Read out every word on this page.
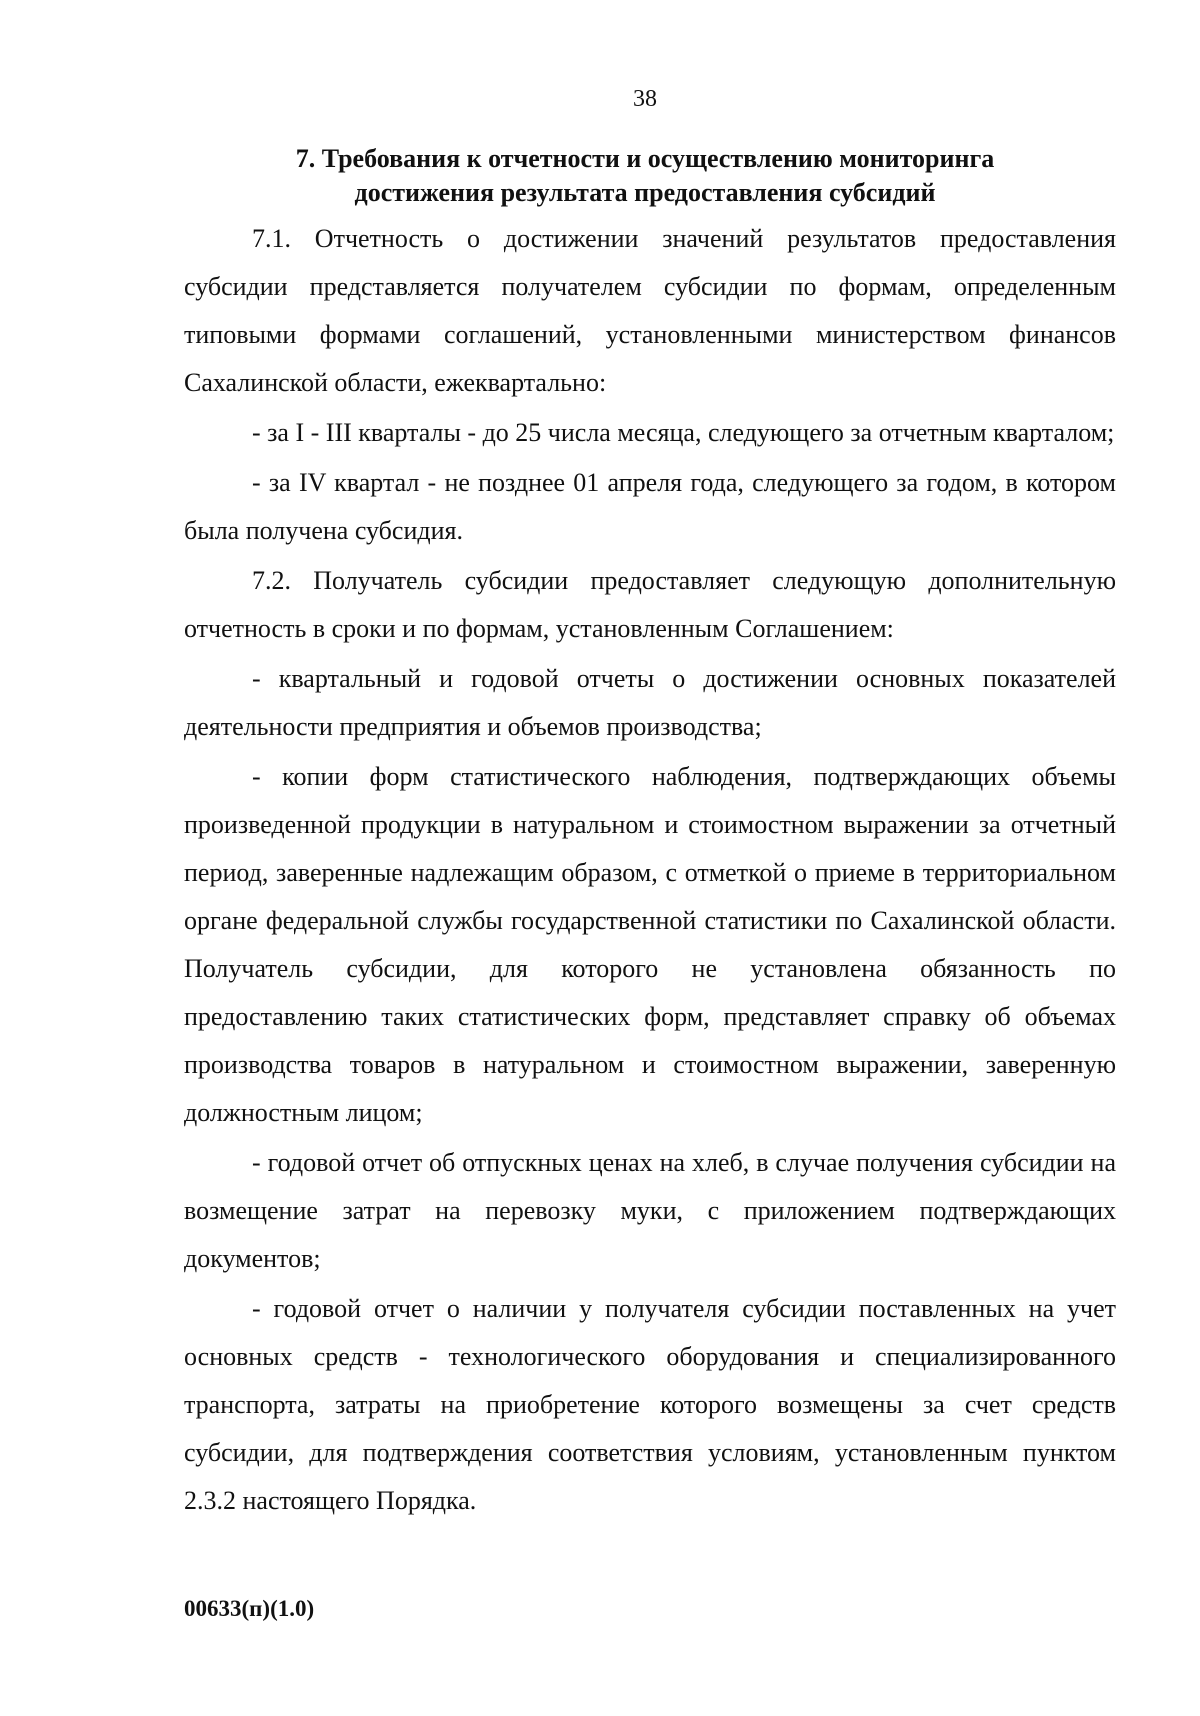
38
7. Требования к отчетности и осуществлению мониторинга
достижения результата предоставления субсидий

7.1. Отчетность о достижении значений результатов предоставления субсидии представляется получателем субсидии по формам, определенным типовыми формами соглашений, установленными министерством финансов Сахалинской области, ежеквартально:

- за I - III кварталы - до 25 числа месяца, следующего за отчетным кварталом;

- за IV квартал - не позднее 01 апреля года, следующего за годом, в котором была получена субсидия.

7.2. Получатель субсидии предоставляет следующую дополнительную отчетность в сроки и по формам, установленным Соглашением:

- квартальный и годовой отчеты о достижении основных показателей деятельности предприятия и объемов производства;

- копии форм статистического наблюдения, подтверждающих объемы произведенной продукции в натуральном и стоимостном выражении за отчетный период, заверенные надлежащим образом, с отметкой о приеме в территориальном органе федеральной службы государственной статистики по Сахалинской области. Получатель субсидии, для которого не установлена обязанность по предоставлению таких статистических форм, представляет справку об объемах производства товаров в натуральном и стоимостном выражении, заверенную должностным лицом;

- годовой отчет об отпускных ценах на хлеб, в случае получения субсидии на возмещение затрат на перевозку муки, с приложением подтверждающих документов;

- годовой отчет о наличии у получателя субсидии поставленных на учет основных средств - технологического оборудования и специализированного транспорта, затраты на приобретение которого возмещены за счет средств субсидии, для подтверждения соответствия условиям, установленным пунктом 2.3.2 настоящего Порядка.

00633(п)(1.0)
